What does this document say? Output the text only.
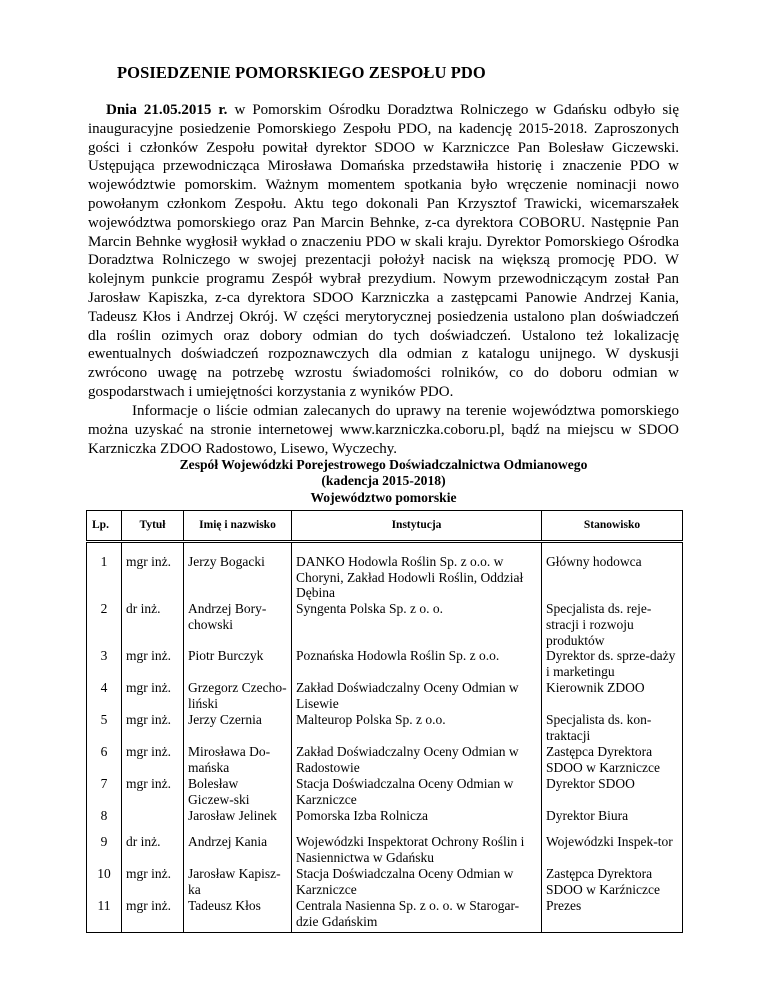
POSIEDZENIE POMORSKIEGO ZESPOŁU PDO

Dnia 21.05.2015 r. w Pomorskim Ośrodku Doradztwa Rolniczego w Gdańsku odbyło się inauguracyjne posiedzenie Pomorskiego Zespołu PDO, na kadencję 2015-2018. Zaproszonych gości i członków Zespołu powitał dyrektor SDOO w Karzniczce Pan Bolesław Giczewski. Ustępująca przewodnicząca Mirosława Domańska przedstawiła historię i znaczenie PDO w województwie pomorskim. Ważnym momentem spotkania było wręczenie nominacji nowo powołanym członkom Zespołu. Aktu tego dokonali Pan Krzysztof Trawicki, wicemarszałek województwa pomorskiego oraz Pan Marcin Behnke, z-ca dyrektora COBORU. Następnie Pan Marcin Behnke wygłosił wykład o znaczeniu PDO w skali kraju. Dyrektor Pomorskiego Ośrodka Doradztwa Rolniczego w swojej prezentacji położył nacisk na większą promocję PDO. W kolejnym punkcie programu Zespół wybrał prezydium. Nowym przewodniczącym został Pan Jarosław Kapiszka, z-ca dyrektora SDOO Karzniczka a zastępcami Panowie Andrzej Kania, Tadeusz Kłos i Andrzej Okrój. W części merytorycznej posiedzenia ustalono plan doświadczeń dla roślin ozimych oraz dobory odmian do tych doświadczeń. Ustalono też lokalizację ewentualnych doświadczeń rozpoznawczych dla odmian z katalogu unijnego. W dyskusji zwrócono uwagę na potrzebę wzrostu świadomości rolników, co do doboru odmian w gospodarstwach i umiejętności korzystania z wyników PDO.

Informacje o liście odmian zalecanych do uprawy na terenie województwa pomorskiego można uzyskać na stronie internetowej www.karzniczka.coboru.pl, bądź na miejscu w SDOO Karzniczka ZDOO Radostowo, Lisewo, Wyczechy.

Zespół Wojewódzki Porejestrowego Doświadczalnictwa Odmianowego
(kadencja 2015-2018)
Województwo pomorskie
Lp.	Tytuł	Imię i nazwisko	Instytucja	Stanowisko
1	mgr inż.	Jerzy Bogacki	DANKO Hodowla Roślin Sp. z o.o. w Choryni, Zakład Hodowli Roślin, Oddział Dębina	Główny hodowca
2	dr inż.	Andrzej Bory-chowski	Syngenta Polska Sp. z o. o.	Specjalista ds. reje-stracji i rozwoju produktów
3	mgr inż.	Piotr Burczyk	Poznańska Hodowla Roślin Sp. z o.o.	Dyrektor ds. sprze-daży i marketingu
4	mgr inż.	Grzegorz Czecho-liński	Zakład Doświadczalny Oceny Odmian w Lisewie	Kierownik ZDOO
5	mgr inż.	Jerzy Czernia	Malteurop Polska Sp. z o.o.	Specjalista ds. kon-traktacji
6	mgr inż.	Mirosława Do-mańska	Zakład Doświadczalny Oceny Odmian w Radostowie	Zastępca Dyrektora SDOO w Karzniczce
7	mgr inż.	Bolesław Giczew-ski	Stacja Doświadczalna Oceny Odmian w Karzniczce	Dyrektor SDOO
8		Jarosław Jelinek	Pomorska Izba Rolnicza	Dyrektor Biura
9	dr inż.	Andrzej Kania	Wojewódzki Inspektorat Ochrony Roślin i Nasiennictwa w Gdańsku	Wojewódzki Inspek-tor
10	mgr inż.	Jarosław Kapisz-ka	Stacja Doświadczalna Oceny Odmian w Karzniczce	Zastępca Dyrektora SDOO w Karźniczce
11	mgr inż.	Tadeusz Kłos	Centrala Nasienna Sp. z o. o. w Starogar-dzie Gdańskim	Prezes
